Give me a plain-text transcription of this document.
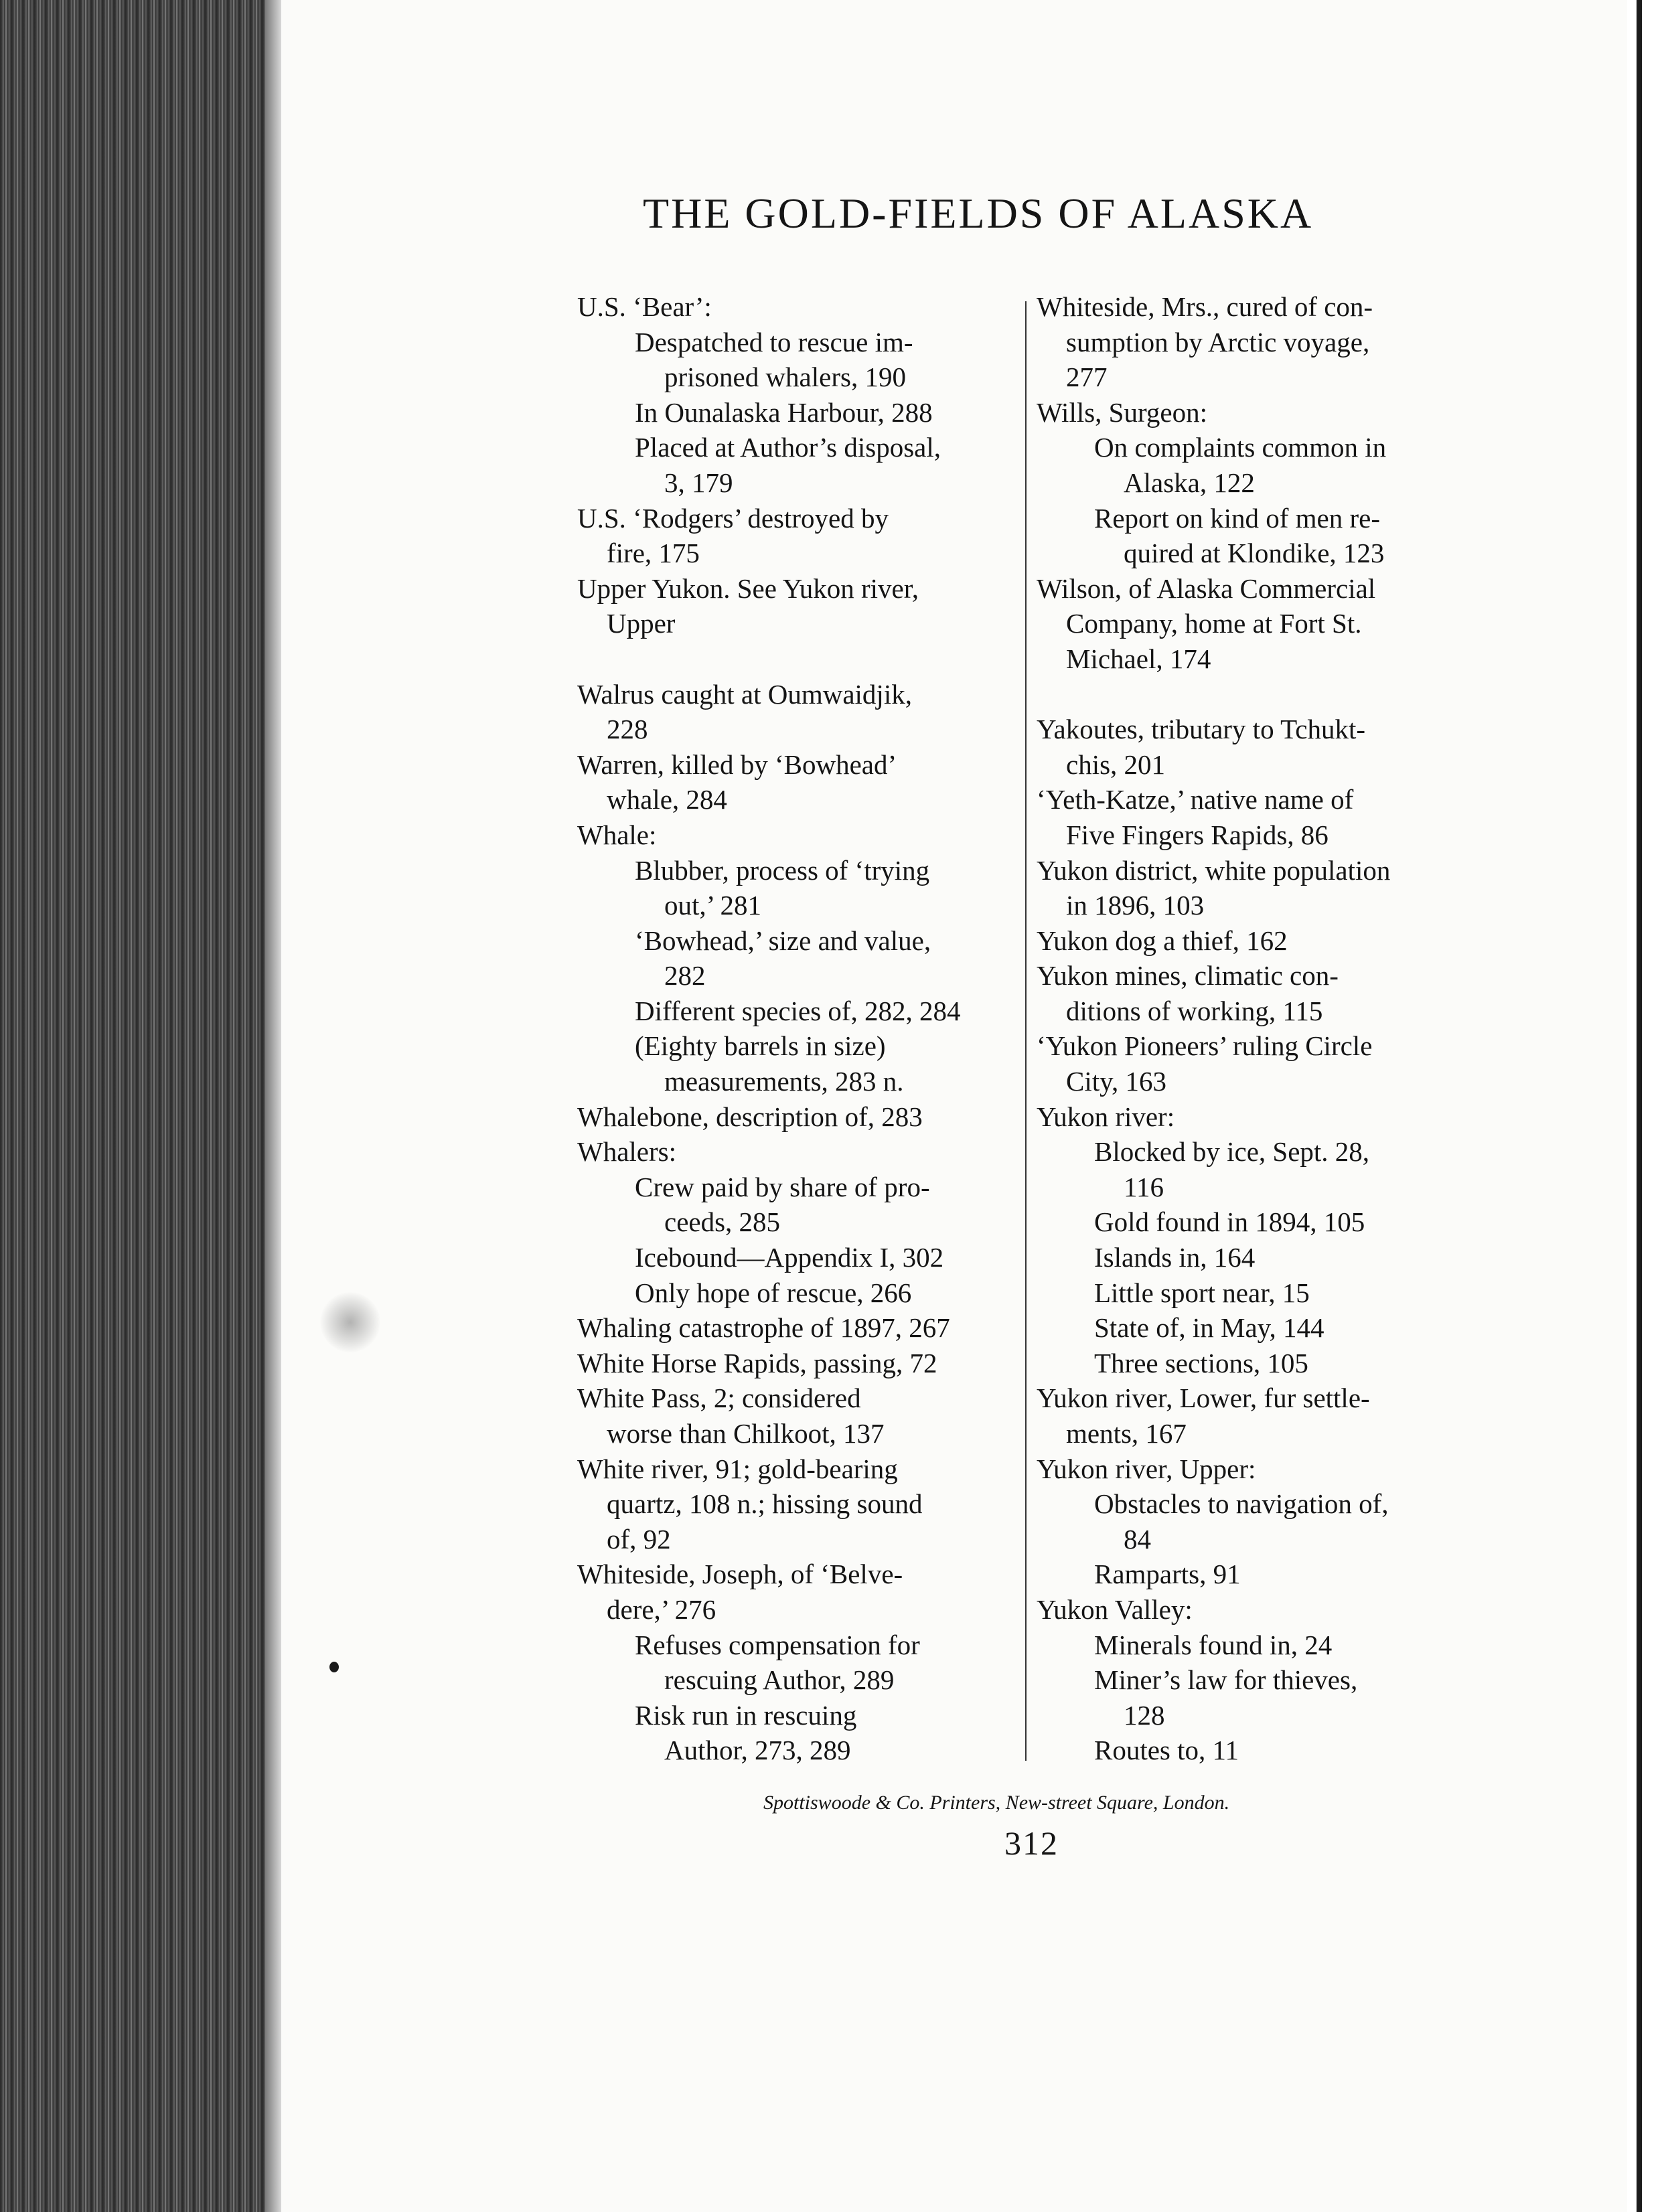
THE GOLD-FIELDS OF ALASKA
U.S. ‘Bear’:
Despatched to rescue im-
prisoned whalers, 190
In Ounalaska Harbour, 288
Placed at Author’s disposal,
3, 179
U.S. ‘Rodgers’ destroyed by
fire, 175
Upper Yukon. See Yukon river,
Upper
Walrus caught at Oumwaidjik,
228
Warren, killed by ‘Bowhead’
whale, 284
Whale:
Blubber, process of ‘trying
out,’ 281
‘Bowhead,’ size and value,
282
Different species of, 282, 284
(Eighty barrels in size)
measurements, 283 n.
Whalebone, description of, 283
Whalers:
Crew paid by share of pro-
ceeds, 285
Icebound—Appendix I, 302
Only hope of rescue, 266
Whaling catastrophe of 1897, 267
White Horse Rapids, passing, 72
White Pass, 2; considered
worse than Chilkoot, 137
White river, 91; gold-bearing
quartz, 108 n.; hissing sound
of, 92
Whiteside, Joseph, of ‘Belve-
dere,’ 276
Refuses compensation for
rescuing Author, 289
Risk run in rescuing
Author, 273, 289
Whiteside, Mrs., cured of con-
sumption by Arctic voyage,
277
Wills, Surgeon:
On complaints common in
Alaska, 122
Report on kind of men re-
quired at Klondike, 123
Wilson, of Alaska Commercial
Company, home at Fort St.
Michael, 174
Yakoutes, tributary to Tchukt-
chis, 201
‘Yeth-Katze,’ native name of
Five Fingers Rapids, 86
Yukon district, white population
in 1896, 103
Yukon dog a thief, 162
Yukon mines, climatic con-
ditions of working, 115
‘Yukon Pioneers’ ruling Circle
City, 163
Yukon river:
Blocked by ice, Sept. 28,
116
Gold found in 1894, 105
Islands in, 164
Little sport near, 15
State of, in May, 144
Three sections, 105
Yukon river, Lower, fur settle-
ments, 167
Yukon river, Upper:
Obstacles to navigation of,
84
Ramparts, 91
Yukon Valley:
Minerals found in, 24
Miner’s law for thieves,
128
Routes to, 11
Spottiswoode & Co. Printers, New-street Square, London.
312
